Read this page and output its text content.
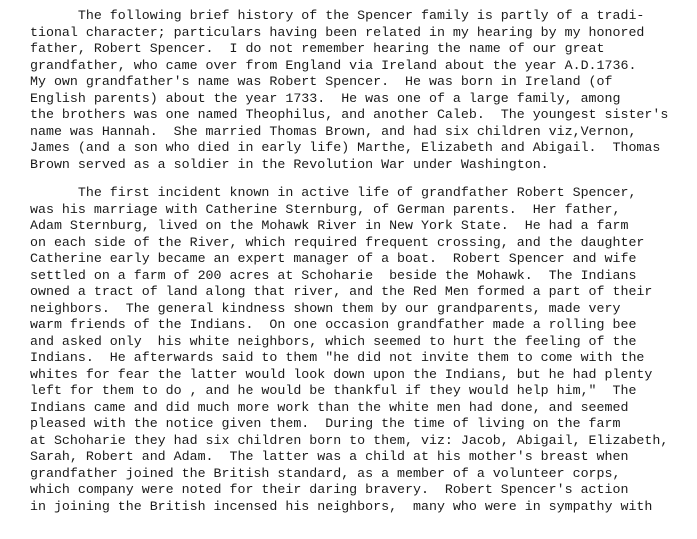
The following brief history of the Spencer family is partly of a tradi-
tional character; particulars having been related in my hearing by my honored
father, Robert Spencer.  I do not remember hearing the name of our great
grandfather, who came over from England via Ireland about the year A.D.1736.
My own grandfather's name was Robert Spencer.  He was born in Ireland (of
English parents) about the year 1733.  He was one of a large family, among
the brothers was one named Theophilus, and another Caleb.  The youngest sister's
name was Hannah.  She married Thomas Brown, and had six children viz,Vernon,
James (and a son who died in early life) Marthe, Elizabeth and Abigail.  Thomas
Brown served as a soldier in the Revolution War under Washington.
The first incident known in active life of grandfather Robert Spencer,
was his marriage with Catherine Sternburg, of German parents.  Her father,
Adam Sternburg, lived on the Mohawk River in New York State.  He had a farm
on each side of the River, which required frequent crossing, and the daughter
Catherine early became an expert manager of a boat.  Robert Spencer and wife
settled on a farm of 200 acres at Schoharie  beside the Mohawk.  The Indians
owned a tract of land along that river, and the Red Men formed a part of their
neighbors.  The general kindness shown them by our grandparents, made very
warm friends of the Indians.  On one occasion grandfather made a rolling bee
and asked only  his white neighbors, which seemed to hurt the feeling of the
Indians.  He afterwards said to them "he did not invite them to come with the
whites for fear the latter would look down upon the Indians, but he had plenty
left for them to do , and he would be thankful if they would help him,"  The
Indians came and did much more work than the white men had done, and seemed
pleased with the notice given them.  During the time of living on the farm
at Schoharie they had six children born to them, viz: Jacob, Abigail, Elizabeth,
Sarah, Robert and Adam.  The latter was a child at his mother's breast when
grandfather joined the British standard, as a member of a volunteer corps,
which company were noted for their daring bravery.  Robert Spencer's action
in joining the British incensed his neighbors,  many who were in sympathy with
